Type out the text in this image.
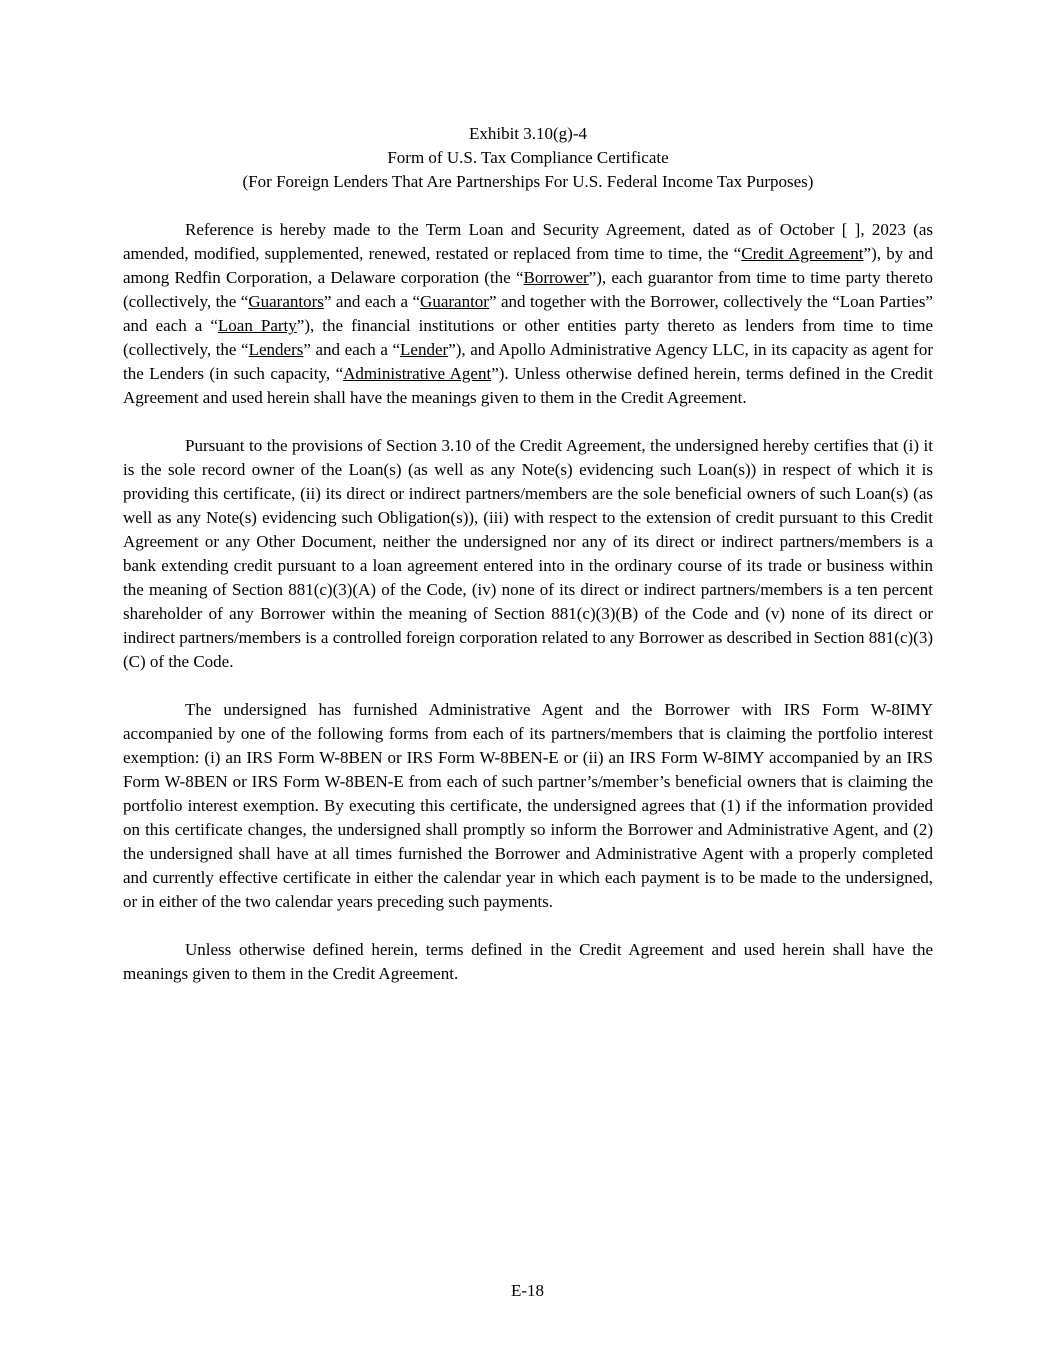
Exhibit 3.10(g)-4
Form of U.S. Tax Compliance Certificate
(For Foreign Lenders That Are Partnerships For U.S. Federal Income Tax Purposes)

Reference is hereby made to the Term Loan and Security Agreement, dated as of October [ ], 2023 (as amended, modified, supplemented, renewed, restated or replaced from time to time, the “Credit Agreement”), by and among Redfin Corporation, a Delaware corporation (the “Borrower”), each guarantor from time to time party thereto (collectively, the “Guarantors” and each a “Guarantor” and together with the Borrower, collectively the “Loan Parties” and each a “Loan Party”), the financial institutions or other entities party thereto as lenders from time to time (collectively, the “Lenders” and each a “Lender”), and Apollo Administrative Agency LLC, in its capacity as agent for the Lenders (in such capacity, “Administrative Agent”). Unless otherwise defined herein, terms defined in the Credit Agreement and used herein shall have the meanings given to them in the Credit Agreement.

Pursuant to the provisions of Section 3.10 of the Credit Agreement, the undersigned hereby certifies that (i) it is the sole record owner of the Loan(s) (as well as any Note(s) evidencing such Loan(s)) in respect of which it is providing this certificate, (ii) its direct or indirect partners/members are the sole beneficial owners of such Loan(s) (as well as any Note(s) evidencing such Obligation(s)), (iii) with respect to the extension of credit pursuant to this Credit Agreement or any Other Document, neither the undersigned nor any of its direct or indirect partners/members is a bank extending credit pursuant to a loan agreement entered into in the ordinary course of its trade or business within the meaning of Section 881(c)(3)(A) of the Code, (iv) none of its direct or indirect partners/members is a ten percent shareholder of any Borrower within the meaning of Section 881(c)(3)(B) of the Code and (v) none of its direct or indirect partners/members is a controlled foreign corporation related to any Borrower as described in Section 881(c)(3)(C) of the Code.

The undersigned has furnished Administrative Agent and the Borrower with IRS Form W-8IMY accompanied by one of the following forms from each of its partners/members that is claiming the portfolio interest exemption: (i) an IRS Form W-8BEN or IRS Form W-8BEN-E or (ii) an IRS Form W-8IMY accompanied by an IRS Form W-8BEN or IRS Form W-8BEN-E from each of such partner’s/member’s beneficial owners that is claiming the portfolio interest exemption. By executing this certificate, the undersigned agrees that (1) if the information provided on this certificate changes, the undersigned shall promptly so inform the Borrower and Administrative Agent, and (2) the undersigned shall have at all times furnished the Borrower and Administrative Agent with a properly completed and currently effective certificate in either the calendar year in which each payment is to be made to the undersigned, or in either of the two calendar years preceding such payments.

Unless otherwise defined herein, terms defined in the Credit Agreement and used herein shall have the meanings given to them in the Credit Agreement.

E-18
